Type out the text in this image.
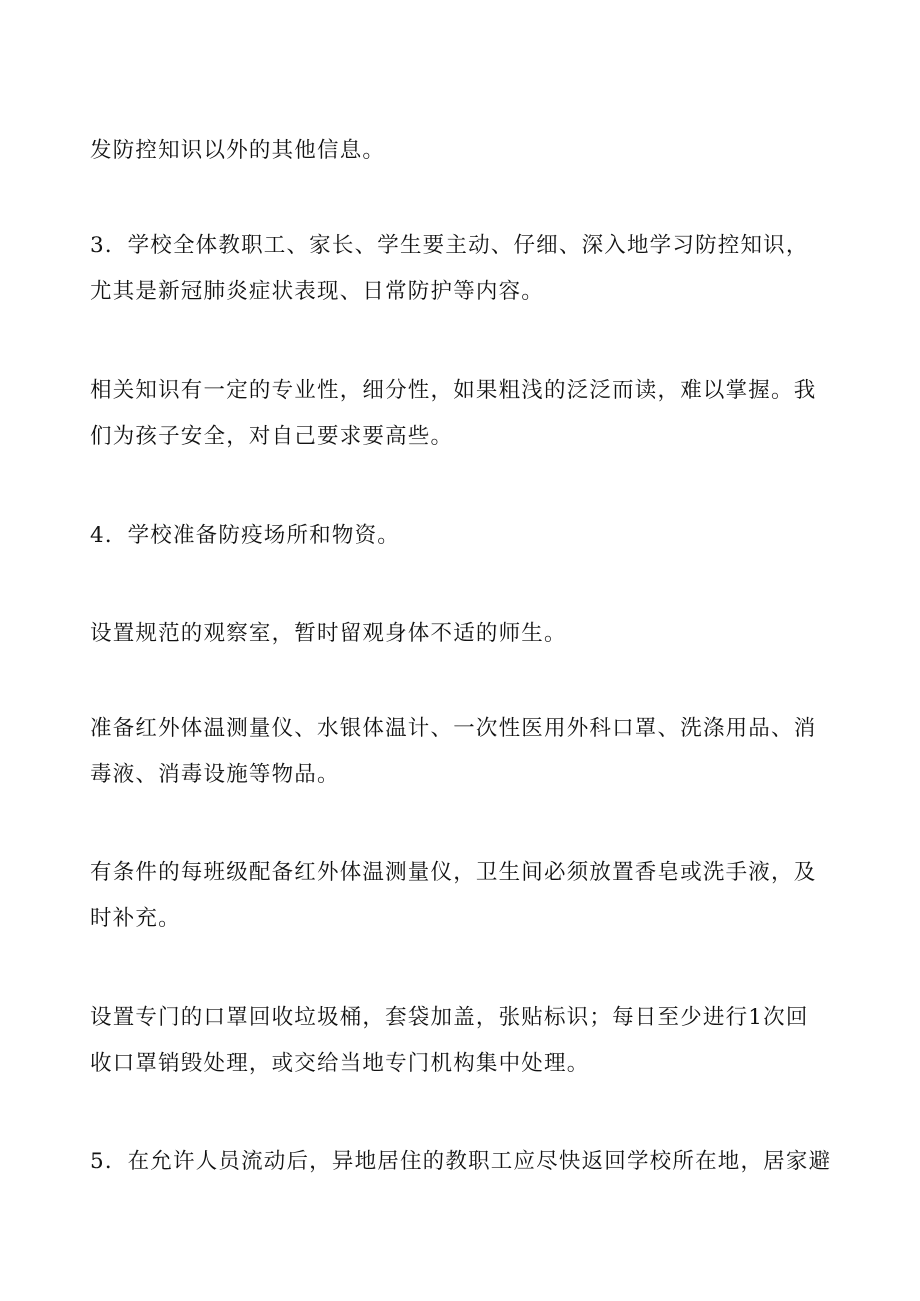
发防控知识以外的其他信息。

3．学校全体教职工、家长、学生要主动、仔细、深入地学习防控知识，
尤其是新冠肺炎症状表现、日常防护等内容。

相关知识有一定的专业性，细分性，如果粗浅的泛泛而读，难以掌握。我
们为孩子安全，对自己要求要高些。

4．学校准备防疫场所和物资。

设置规范的观察室，暂时留观身体不适的师生。

准备红外体温测量仪、水银体温计、一次性医用外科口罩、洗涤用品、消
毒液、消毒设施等物品。

有条件的每班级配备红外体温测量仪，卫生间必须放置香皂或洗手液，及
时补充。

设置专门的口罩回收垃圾桶，套袋加盖，张贴标识；每日至少进行1次回
收口罩销毁处理，或交给当地专门机构集中处理。

5．在允许人员流动后，异地居住的教职工应尽快返回学校所在地，居家避
